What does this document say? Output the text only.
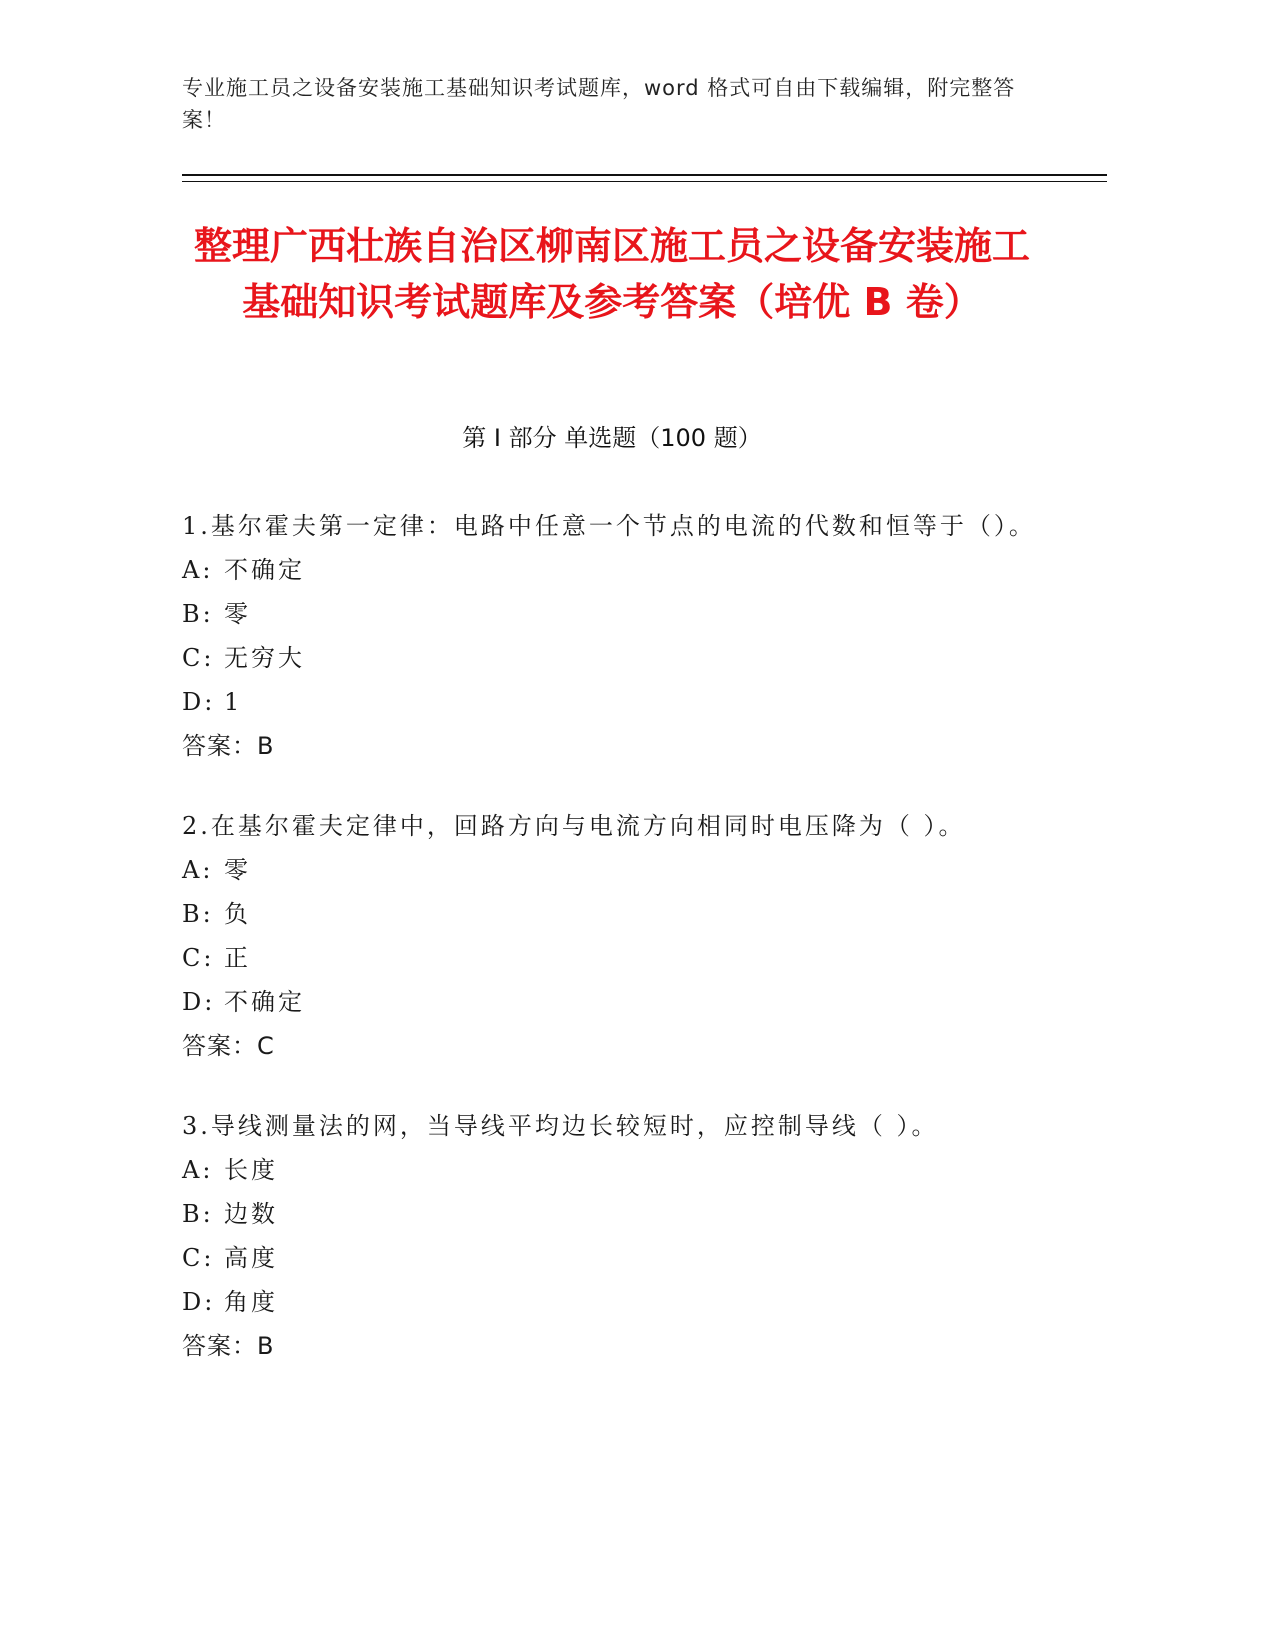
专业施工员之设备安装施工基础知识考试题库，word 格式可自由下载编辑，附完整答案！
整理广西壮族自治区柳南区施工员之设备安装施工基础知识考试题库及参考答案（培优 B 卷）
第 I 部分 单选题（100 题）
1.基尔霍夫第一定律：电路中任意一个节点的电流的代数和恒等于（）。
A: 不确定
B: 零
C: 无穷大
D: 1
答案：B
2.在基尔霍夫定律中，回路方向与电流方向相同时电压降为（ ）。
A: 零
B: 负
C: 正
D: 不确定
答案：C
3.导线测量法的网，当导线平均边长较短时，应控制导线（ ）。
A: 长度
B: 边数
C: 高度
D: 角度
答案：B
